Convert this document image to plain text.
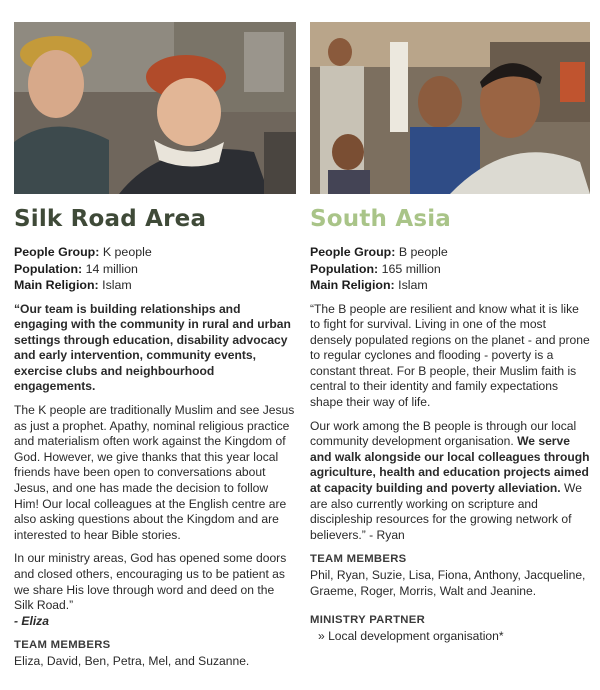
Silk Road Area
People Group: K people
Population: 14 million
Main Religion: Islam

“Our team is building relationships and engaging with the community in rural and urban settings through education, disability advocacy and early intervention, community events, exercise clubs and neighbourhood engagements.

The K people are traditionally Muslim and see Jesus as just a prophet. Apathy, nominal religious practice and materialism often work against the Kingdom of God. However, we give thanks that this year local friends have been open to conversations about Jesus, and one has made the decision to follow Him! Our local colleagues at the English centre are also asking questions about the Kingdom and are interested to hear Bible stories.

In our ministry areas, God has opened some doors and closed others, encouraging us to be patient as we share His love through word and deed on the Silk Road.”
- Eliza

TEAM MEMBERS

Eliza, David, Ben, Petra, Mel, and Suzanne.

South Asia
People Group: B people
Population: 165 million
Main Religion: Islam

“The B people are resilient and know what it is like to fight for survival. Living in one of the most densely populated regions on the planet - and prone to regular cyclones and flooding - poverty is a constant threat. For B people, their Muslim faith is central to their identity and family expectations shape their way of life.

Our work among the B people is through our local community development organisation. We serve and walk alongside our local colleagues through agriculture, health and education projects aimed at capacity building and poverty alleviation. We are also currently working on scripture and discipleship resources for the growing network of believers.” - Ryan

TEAM MEMBERS

Phil, Ryan, Suzie, Lisa, Fiona, Anthony, Jacqueline, Graeme, Roger, Morris, Walt and Jeanine.

MINISTRY PARTNER

» Local development organisation*
